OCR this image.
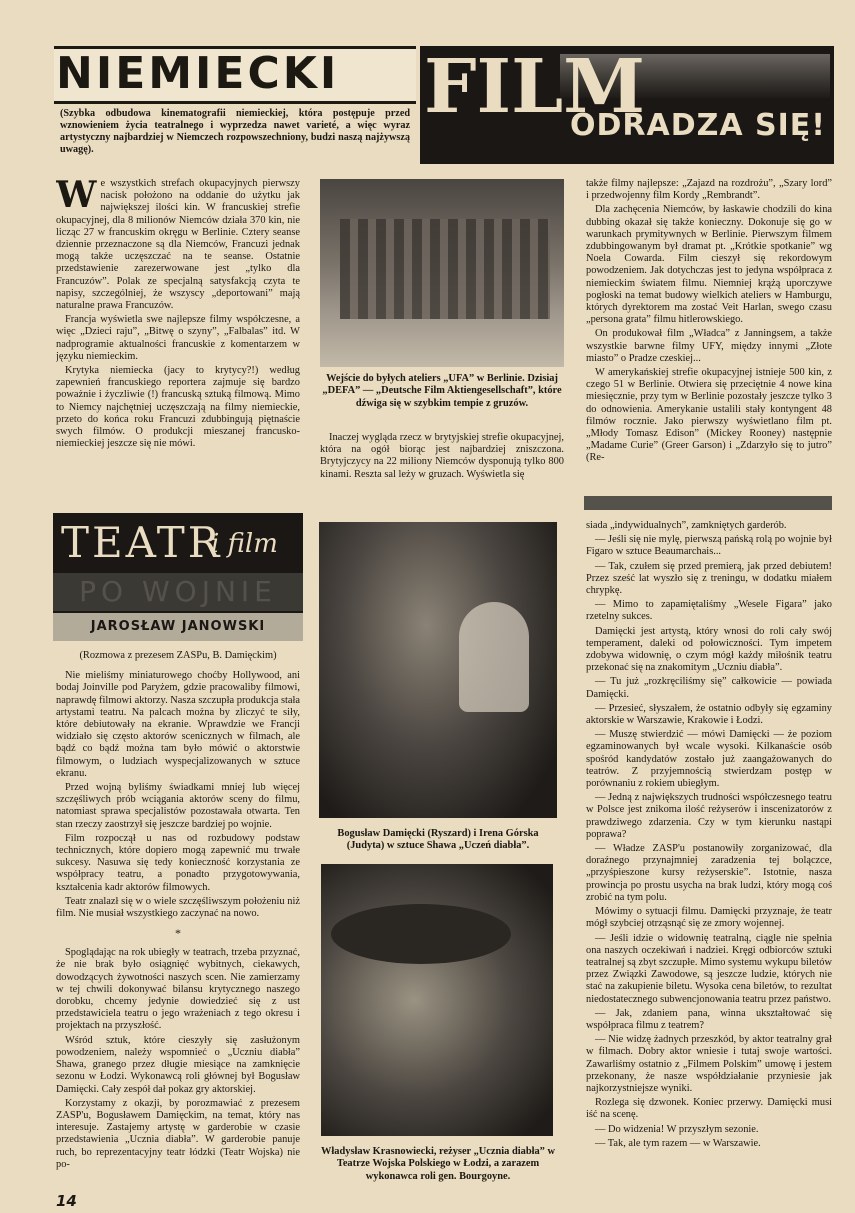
NIEMIECKI FILM
ODRADZA SIĘ!

(Szybka odbudowa kinematografii niemieckiej, która postępuje przed wznowieniem życia teatralnego i wyprzedza nawet varieté, a więc wyraz artystyczny najbardziej w Niemczech rozpowszechniony, budzi naszą najżywszą uwagę).

W e wszystkich strefach okupacyjnych pierwszy nacisk położono na oddanie do użytku jak największej ilości kin. W francuskiej strefie okupacyjnej, dla 8 milionów Niemców działa 370 kin, nie licząc 27 w francuskim okręgu w Berlinie. Cztery seanse dziennie przeznaczone są dla Niemców, Francuzi jednak mogą także uczęszczać na te seanse. Ostatnie przedstawienie zarezerwowane jest „tylko dla Francuzów”. Polak ze specjalną satysfakcją czyta te napisy, szczególniej, że wszyscy „deportowani” mają naturalne prawa Francuzów.

Francja wyświetla swe najlepsze filmy współczesne, a więc „Dzieci raju”, „Bitwę o szyny”, „Falbalas” itd. W nadprogramie aktualności francuskie z komentarzem w języku niemieckim.

Krytyka niemiecka (jacy to krytycy?!) według zapewnień francuskiego reportera zajmuje się bardzo poważnie i życzliwie (!) francuską sztuką filmową. Mimo to Niemcy najchętniej uczęszczają na filmy niemieckie, przeto do końca roku Francuzi zdubbingują piętnaście swych filmów. O produkcji mieszanej francusko-niemieckiej jeszcze się nie mówi.

Wejście do byłych ateliers „UFA” w Berlinie. Dzisiaj „DEFA” — „Deutsche Film Aktiengesellschaft”, które dźwiga się w szybkim tempie z gruzów.

Inaczej wygląda rzecz w brytyjskiej strefie okupacyjnej, która na ogół biorąc jest najbardziej zniszczona. Brytyjczycy na 22 miliony Niemców dysponują tylko 800 kinami. Reszta sal leży w gruzach. Wyświetla się

także filmy najlepsze: „Zajazd na rozdrożu”, „Szary lord” i przedwojenny film Kordy „Rembrandt”.

Dla zachęcenia Niemców, by łaskawie chodzili do kina dubbing okazał się także konieczny. Dokonuje się go w warunkach prymitywnych w Berlinie. Pierwszym filmem zdubbingowanym był dramat pt. „Krótkie spotkanie” wg Noela Cowarda. Film cieszył się rekordowym powodzeniem. Jak dotychczas jest to jedyna współpraca z niemieckim światem filmu. Niemniej krążą uporczywe pogłoski na temat budowy wielkich ateliers w Hamburgu, których dyrektorem ma zostać Veit Harlan, swego czasu „persona grata” filmu hitlerowskiego.

On produkował film „Władca” z Janningsem, a także wszystkie barwne filmy UFY, między innymi „Złote miasto” o Pradze czeskiej...

W amerykańskiej strefie okupacyjnej istnieje 500 kin, z czego 51 w Berlinie. Otwiera się przeciętnie 4 nowe kina miesięcznie, przy tym w Berlinie pozostały jeszcze tylko 3 do odnowienia. Amerykanie ustalili stały kontyngent 48 filmów rocznie. Jako pierwszy wyświetlano film pt. „Młody Tomasz Edison” (Mickey Rooney) następnie „Madame Curie” (Greer Garson) i „Zdarzyło się to jutro” (Re-

TEATR
i film
PO WOJNIE
JAROSŁAW JANOWSKI

(Rozmowa z prezesem ZASPu, B. Damięckim)

Nie mieliśmy miniaturowego choćby Hollywood, ani bodaj Joinville pod Paryżem, gdzie pracowaliby filmowi, naprawdę filmowi aktorzy. Nasza szczupła produkcja stała artystami teatru. Na palcach można by zliczyć te siły, które debiutowały na ekranie. Wprawdzie we Francji widziało się często aktorów scenicznych w filmach, ale bądź co bądź można tam było mówić o aktorstwie filmowym, o ludziach wyspecjalizowanych w sztuce ekranu.

Przed wojną byliśmy świadkami mniej lub więcej szczęśliwych prób wciągania aktorów sceny do filmu, natomiast sprawa specjalistów pozostawała otwarta. Ten stan rzeczy zaostrzył się jeszcze bardziej po wojnie.

Film rozpoczął u nas od rozbudowy podstaw technicznych, które dopiero mogą zapewnić mu trwałe sukcesy. Nasuwa się tedy konieczność korzystania ze współpracy teatru, a ponadto przygotowywania, kształcenia kadr aktorów filmowych.

Teatr znalazł się w o wiele szczęśliwszym położeniu niż film. Nie musiał wszystkiego zaczynać na nowo.

*

Spoglądając na rok ubiegły w teatrach, trzeba przyznać, że nie brak było osiągnięć wybitnych, ciekawych, dowodzących żywotności naszych scen. Nie zamierzamy w tej chwili dokonywać bilansu krytycznego naszego dorobku, chcemy jedynie dowiedzieć się z ust przedstawiciela teatru o jego wrażeniach z tego okresu i projektach na przyszłość.

Wśród sztuk, które cieszyły się zasłużonym powodzeniem, należy wspomnieć o „Uczniu diabła” Shawa, granego przez długie miesiące na zamknięcie sezonu w Łodzi. Wykonawcą roli głównej był Bogusław Damięcki. Cały zespół dał pokaz gry aktorskiej.

Korzystamy z okazji, by porozmawiać z prezesem ZASP'u, Bogusławem Damięckim, na temat, który nas interesuje. Zastajemy artystę w garderobie w czasie przedstawienia „Ucznia diabła”. W garderobie panuje ruch, bo reprezentacyjny teatr łódzki (Teatr Wojska) nie po-

Bogusław Damięcki (Ryszard) i Irena Górska (Judyta) w sztuce Shawa „Uczeń diabła”.
Władysław Krasnowiecki, reżyser „Ucznia diabła” w Teatrze Wojska Polskiego w Łodzi, a zarazem wykonawca roli gen. Bourgoyne.

siada „indywidualnych”, zamkniętych garderób.

— Jeśli się nie mylę, pierwszą pańską rolą po wojnie był Figaro w sztuce Beaumarchais...

— Tak, czułem się przed premierą, jak przed debiutem! Przez sześć lat wyszło się z treningu, w dodatku miałem chrypkę.

— Mimo to zapamiętaliśmy „Wesele Figara” jako rzetelny sukces.

Damięcki jest artystą, który wnosi do roli cały swój temperament, daleki od połowiczności. Tym impetem zdobywa widownię, o czym mógł każdy miłośnik teatru przekonać się na znakomitym „Uczniu diabła”.

— Tu już „rozkręciliśmy się” całkowicie — powiada Damięcki.

— Przesieć, słyszałem, że ostatnio odbyły się egzaminy aktorskie w Warszawie, Krakowie i Łodzi.

— Muszę stwierdzić — mówi Damięcki — że poziom egzaminowanych był wcale wysoki. Kilkanaście osób spośród kandydatów zostało już zaangażowanych do teatrów. Z przyjemnością stwierdzam postęp w porównaniu z rokiem ubiegłym.

— Jedną z największych trudności współczesnego teatru w Polsce jest znikoma ilość reżyserów i inscenizatorów z prawdziwego zdarzenia. Czy w tym kierunku nastąpi poprawa?

— Władze ZASP'u postanowiły zorganizować, dla doraźnego przynajmniej zaradzenia tej bolączce, „przyśpieszone kursy reżyserskie”. Istotnie, nasza prowincja po prostu usycha na brak ludzi, który mogą coś zrobić na tym polu.

Mówimy o sytuacji filmu. Damięcki przyznaje, że teatr mógł szybciej otrząsnąć się ze zmory wojennej.

— Jeśli idzie o widownię teatralną, ciągle nie spełnia ona naszych oczekiwań i nadziei. Kręgi odbiorców sztuki teatralnej są zbyt szczupłe. Mimo systemu wykupu biletów przez Związki Zawodowe, są jeszcze ludzie, których nie stać na zakupienie biletu. Wysoka cena biletów, to rezultat niedostatecznego subwencjonowania teatru przez państwo.

— Jak, zdaniem pana, winna ukształtować się współpraca filmu z teatrem?

— Nie widzę żadnych przeszkód, by aktor teatralny grał w filmach. Dobry aktor wniesie i tutaj swoje wartości. Zawarliśmy ostatnio z „Filmem Polskim” umowę i jestem przekonany, że nasze współdziałanie przyniesie jak najkorzystniejsze wyniki.

Rozlega się dzwonek. Koniec przerwy. Damięcki musi iść na scenę.

— Do widzenia! W przyszłym sezonie.

— Tak, ale tym razem — w Warszawie.

14
